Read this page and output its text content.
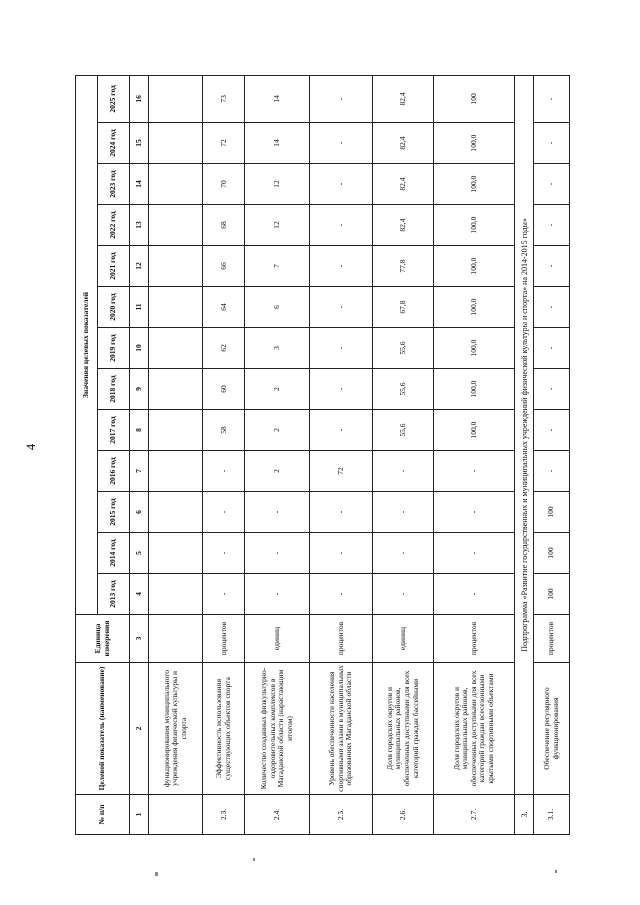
4
№ п/п	Целевой показатель (наименование)	Единица измерения	Значения целевых показателей												
			2013 год	2014 год	2015 год	2016 год	2017 год	2018 год	2019 год	2020 год	2021 год	2022 год	2023 год	2024 год	2025 год
1	2	3	4	5	6	7	8	9	10	11	12	13	14	15	16
	функционирования муниципального учреждения физической культуры и спорта														
2.3.	Эффективность использования существующих объектов спорта	процентов	-	-	-	-	58	60	62	64	66	68	70	72	73
2.4.	Количество созданных физкультурно-оздоровительных комплексов в Магаданской области (нарастающим итогом)	единиц	-	-	-	2	2	2	3	6	7	12	12	14	14
2.5.	Уровень обеспеченности населения спортивными залами в муниципальных образованиях Магаданской области	процентов	-	-	-	72	-	-	-	-	-	-	-	-	-
2.6.	Доля городских округов и муниципальных районов, обеспеченных доступными для всех категорий граждан бассейнами	единиц	-	-	-	-	55,6	55,6	55,6	67,8	77,8	82,4	82,4	82,4	82,4
2.7.	Доля городских округов и муниципальных районов, обеспеченных доступными для всех категорий граждан всесезонными крытыми спортивными объектами	процентов	-	-	-	-	100,0	100,0	100,0	100,0	100,0	100,0	100,0	100,0	100
3.	Подпрограмма «Развитие государственных и муниципальных учреждений физической культуры и спорта» на 2014-2015 годы»														
3.1.	Обеспечение регулярного функционирования	процентов	100	100	100	-	-	-	-	-	-	-	-	-	-
